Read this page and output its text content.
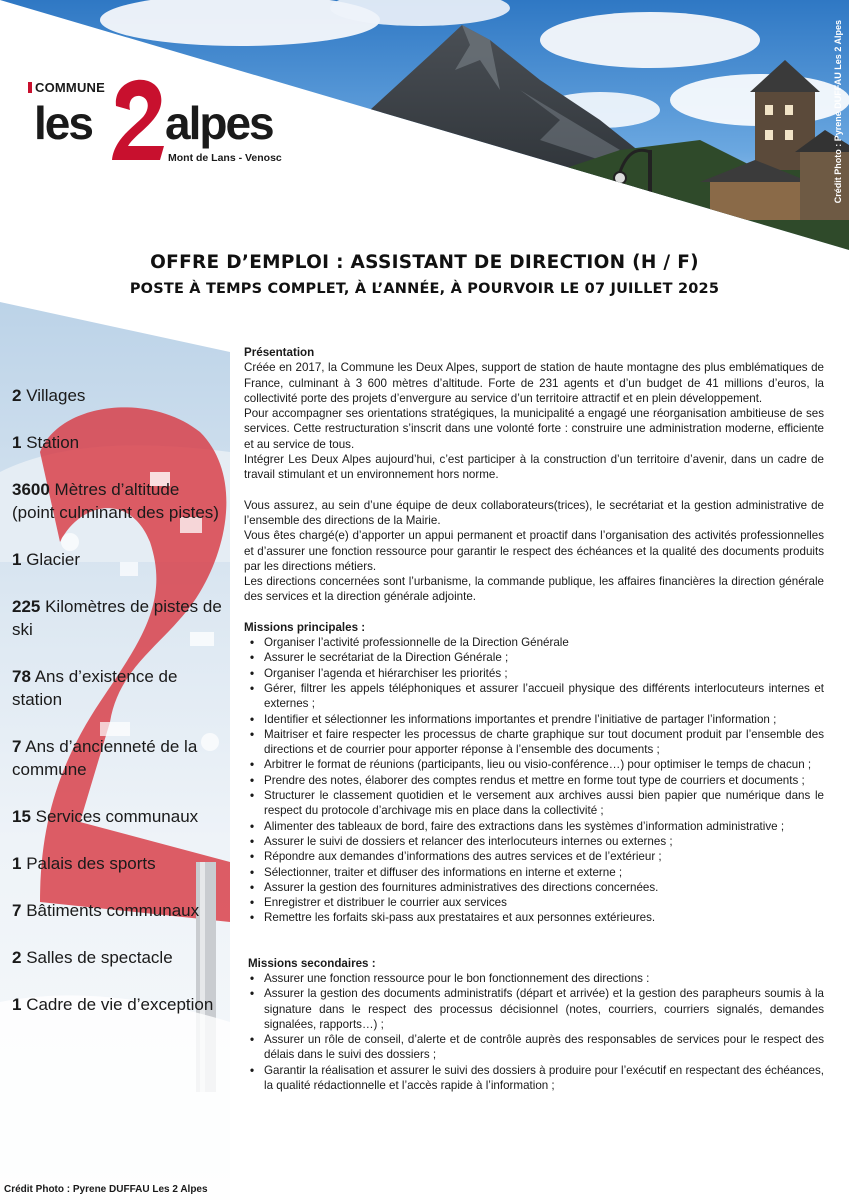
Crédit Photo : Pyrene DUFFAU Les 2 Alpes
COMMUNE
les alpes
Mont de Lans - Venosc
OFFRE D’EMPLOI : ASSISTANT DE DIRECTION (H / F)
POSTE À TEMPS COMPLET, À L’ANNÉE, À POURVOIR LE 07 JUILLET 2025
2 Villages
1 Station
3600 Mètres d’altitude (point culminant des pistes)
1 Glacier
225 Kilomètres de pistes de ski
78 Ans d’existence de station
7 Ans d’ancienneté de la commune
15 Services communaux
1 Palais des sports
7 Bâtiments communaux
2 Salles de spectacle
1 Cadre de vie d’exception
Crédit Photo : Pyrene DUFFAU Les 2 Alpes
Présentation

Créée en 2017, la Commune les Deux Alpes, support de station de haute montagne des plus emblématiques de France, culminant à 3 600 mètres d’altitude. Forte de 231 agents et d’un budget de 41 millions d’euros, la collectivité porte des projets d’envergure au service d’un territoire attractif et en plein développement.

Pour accompagner ses orientations stratégiques, la municipalité a engagé une réorganisation ambitieuse de ses services. Cette restructuration s’inscrit dans une volonté forte : construire une administration moderne, efficiente et au service de tous.

Intégrer Les Deux Alpes aujourd’hui, c’est participer à la construction d’un territoire d’avenir, dans un cadre de travail stimulant et un environnement hors norme.

Vous assurez, au sein d’une équipe de deux collaborateurs(trices), le secrétariat et la gestion administrative de l’ensemble des directions de la Mairie.

Vous êtes chargé(e) d’apporter un appui permanent et proactif dans l’organisation des activités professionnelles et d’assurer une fonction ressource pour garantir le respect des échéances et la qualité des documents produits par les directions métiers.

Les directions concernées sont l’urbanisme, la commande publique, les affaires financières la direction générale des services et la direction générale adjointe.

Missions principales :
• Organiser l’activité professionnelle de la Direction Générale
• Assurer le secrétariat de la Direction Générale ;
• Organiser l’agenda et hiérarchiser les priorités ;
• Gérer, filtrer les appels téléphoniques et assurer l’accueil physique des différents interlocuteurs internes et externes ;
• Identifier et sélectionner les informations importantes et prendre l’initiative de partager l’information ;
• Maitriser et faire respecter les processus de charte graphique sur tout document produit par l’ensemble des directions et de courrier pour apporter réponse à l’ensemble des documents ;
• Arbitrer le format de réunions (participants, lieu ou visio-conférence…) pour optimiser le temps de chacun ;
• Prendre des notes, élaborer des comptes rendus et mettre en forme tout type de courriers et documents ;
• Structurer le classement quotidien et le versement aux archives aussi bien papier que numérique dans le respect du protocole d’archivage mis en place dans la collectivité ;
• Alimenter des tableaux de bord, faire des extractions dans les systèmes d’information administrative ;
• Assurer le suivi de dossiers et relancer des interlocuteurs internes ou externes ;
• Répondre aux demandes d’informations des autres services et de l’extérieur ;
• Sélectionner, traiter et diffuser des informations en interne et externe ;
• Assurer la gestion des fournitures administratives des directions concernées.
• Enregistrer et distribuer le courrier aux services
• Remettre les forfaits ski-pass aux prestataires et aux personnes extérieures.
Missions secondaires :
• Assurer une fonction ressource pour le bon fonctionnement des directions :
• Assurer la gestion des documents administratifs (départ et arrivée) et la gestion des parapheurs soumis à la signature dans le respect des processus décisionnel (notes, courriers, courriers signalés, demandes signalées, rapports…) ;
• Assurer un rôle de conseil, d’alerte et de contrôle auprès des responsables de services pour le respect des délais dans le suivi des dossiers ;
• Garantir la réalisation et assurer le suivi des dossiers à produire pour l’exécutif en respectant des échéances, la qualité rédactionnelle et l’accès rapide à l’information ;
